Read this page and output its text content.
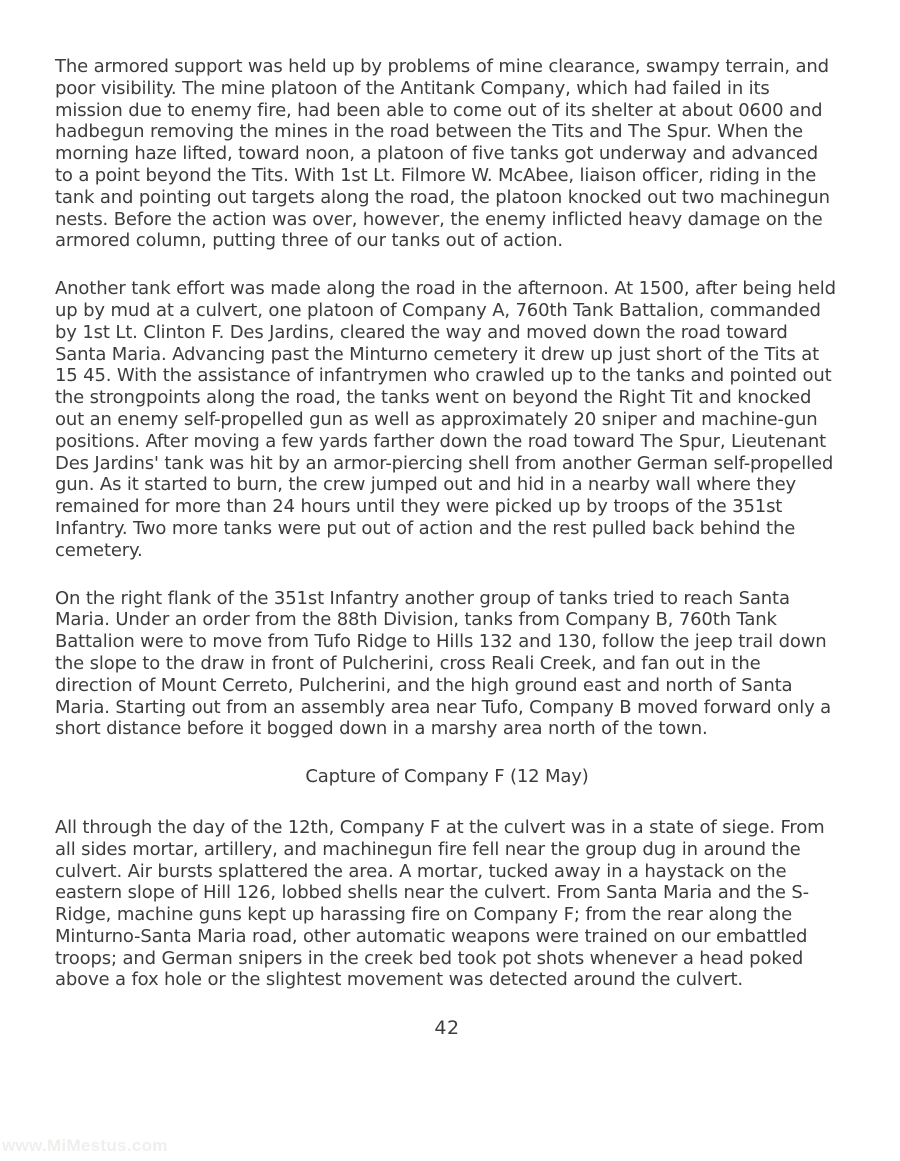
The armored support was held up by problems of mine clearance, swampy terrain, and poor visibility. The mine platoon of the Antitank Company, which had failed in its mission due to enemy fire, had been able to come out of its shelter at about 0600 and hadbegun removing the mines in the road between the Tits and The Spur. When the morning haze lifted, toward noon, a platoon of five tanks got underway and advanced to a point beyond the Tits. With 1st Lt. Filmore W. McAbee, liaison officer, riding in the tank and pointing out targets along the road, the platoon knocked out two machinegun nests. Before the action was over, however, the enemy inflicted heavy damage on the armored column, putting three of our tanks out of action.

Another tank effort was made along the road in the afternoon. At 1500, after being held up by mud at a culvert, one platoon of Company A, 760th Tank Battalion, commanded by 1st Lt. Clinton F. Des Jardins, cleared the way and moved down the road toward Santa Maria. Advancing past the Minturno cemetery it drew up just short of the Tits at 15 45. With the assistance of infantrymen who crawled up to the tanks and pointed out the strongpoints along the road, the tanks went on beyond the Right Tit and knocked out an enemy self-propelled gun as well as approximately 20 sniper and machine-gun positions. After moving a few yards farther down the road toward The Spur, Lieutenant Des Jardins' tank was hit by an armor-piercing shell from another German self-propelled gun. As it started to burn, the crew jumped out and hid in a nearby wall where they remained for more than 24 hours until they were picked up by troops of the 351st Infantry. Two more tanks were put out of action and the rest pulled back behind the cemetery.

On the right flank of the 351st Infantry another group of tanks tried to reach Santa Maria. Under an order from the 88th Division, tanks from Company B, 760th Tank Battalion were to move from Tufo Ridge to Hills 132 and 130, follow the jeep trail down the slope to the draw in front of Pulcherini, cross Reali Creek, and fan out in the direction of Mount Cerreto, Pulcherini, and the high ground east and north of Santa Maria. Starting out from an assembly area near Tufo, Company B moved forward only a short distance before it bogged down in a marshy area north of the town.

Capture of Company F (12 May)

All through the day of the 12th, Company F at the culvert was in a state of siege. From all sides mortar, artillery, and machinegun fire fell near the group dug in around the culvert. Air bursts splattered the area. A mortar, tucked away in a haystack on the eastern slope of Hill 126, lobbed shells near the culvert. From Santa Maria and the S-Ridge, machine guns kept up harassing fire on Company F; from the rear along the Minturno-Santa Maria road, other automatic weapons were trained on our embattled troops; and German snipers in the creek bed took pot shots whenever a head poked above a fox hole or the slightest movement was detected around the culvert.

42
www.MiMestus.com
